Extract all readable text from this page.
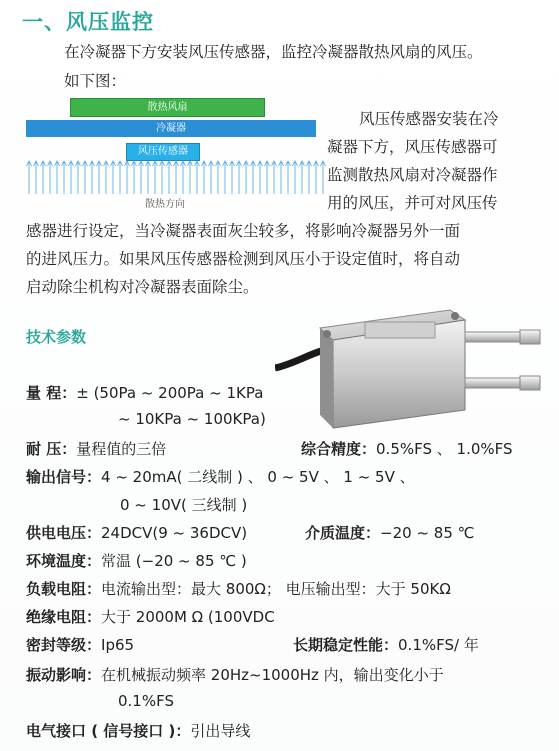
一、风压监控
在冷凝器下方安装风压传感器，监控冷凝器散热风扇的风压。
如下图：
散热风扇
冷凝器
风压传感器
散热方向
风压传感器安装在冷
凝器下方，风压传感器可
监测散热风扇对冷凝器作
用的风压，并可对风压传
感器进行设定，当冷凝器表面灰尘较多，将影响冷凝器另外一面
的进风压力。如果风压传感器检测到风压小于设定值时，将自动
启动除尘机构对冷凝器表面除尘。
技术参数
量 程：± (50Pa ~ 200Pa ~ 1KPa
~ 10KPa ~ 100KPa)
耐 压：量程值的三倍	综合精度：0.5%FS 、 1.0%FS
输出信号：4 ~ 20mA( 二线制 ) 、 0 ~ 5V 、 1 ~ 5V 、
0 ~ 10V( 三线制 )
供电电压：24DCV(9 ~ 36DCV)	介质温度：−20 ~ 85 ℃
环境温度：常温 (−20 ~ 85 ℃ )
负载电阻：电流输出型：最大 800Ω； 电压输出型：大于 50KΩ
绝缘电阻：大于 2000M Ω (100VDC
密封等级：Ip65	长期稳定性能：0.1%FS/ 年
振动影响：在机械振动频率 20Hz~1000Hz 内，输出变化小于
0.1%FS
电气接口 ( 信号接口 )：引出导线
